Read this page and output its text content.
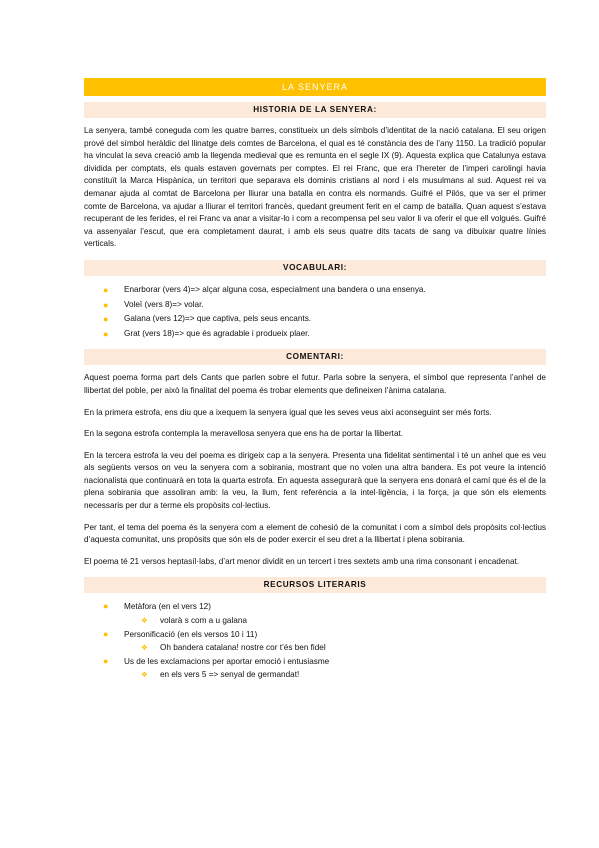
LA SENYERA
HISTORIA DE LA SENYERA:

La senyera, també coneguda com les quatre barres, constitueix un dels símbols d’identitat de la nació catalana. El seu origen prové del símbol heràldic del llinatge dels comtes de Barcelona, el qual es té constància des de l’any 1150. La tradició popular ha vinculat la seva creació amb la llegenda medieval que es remunta en el segle IX (9). Aquesta explica que Catalunya estava dividida per comptats, els quals estaven governats per comptes. El rei Franc, que era l’hereter de l’imperi carolingi havia constituït la Marca Hispànica, un territori que separava els dominis cristians al nord i els musulmans al sud. Aquest rei va demanar ajuda al comtat de Barcelona per lliurar una batalla en contra els normands. Guifré el Pilós, que va ser el primer comte de Barcelona, va ajudar a lliurar el territori francès, quedant greument ferit en el camp de batalla. Quan aquest s’estava recuperant de les ferides, el rei Franc va anar a visitar-lo i com a recompensa pel seu valor li va oferir el que ell volgués. Guifré va assenyalar l’escut, que era completament daurat, i amb els seus quatre dits tacats de sang va dibuixar quatre línies verticals.

VOCABULARI:
● Enarborar (vers 4)=> alçar alguna cosa, especialment una bandera o una ensenya.
● Voleï (vers 8)=> volar.
● Galana (vers 12)=> que captiva, pels seus encants.
● Grat (vers 18)=> que és agradable i produeix plaer.
COMENTARI:

Aquest poema forma part dels Cants que parlen sobre el futur. Parla sobre la senyera, el símbol que representa l’anhel de llibertat del poble, per això la finalitat del poema és trobar elements que defineixen l’ànima catalana.

En la primera estrofa, ens diu que a ixequem la senyera igual que les seves veus així aconseguint ser més forts.

En la segona estrofa contempla la meravellosa senyera que ens ha de portar la llibertat.

En la tercera estrofa la veu del poema es dirigeix cap a la senyera. Presenta una fidelitat sentimental i té un anhel que es veu als següents versos on veu la senyera com a sobirania, mostrant que no volen una altra bandera. Es pot veure la intenció nacionalista que continuarà en tota la quarta estrofa. En aquesta assegurarà que la senyera ens donarà el camí que és el de la plena sobirania que assoliran amb: la veu, la llum, fent referència a la intel·ligència, i la força, ja que són els elements necessaris per dur a terme els propòsits col·lectius.

Per tant, el tema del poema és la senyera com a element de cohesió de la comunitat i com a símbol dels propòsits col·lectius d’aquesta comunitat, uns propòsits que són els de poder exercir el seu dret a la llibertat i plena sobirania.

El poema té 21 versos heptasíl·labs, d’art menor dividit en un tercert i tres sextets amb una rima consonant i encadenat.

RECURSOS LITERARIS
● Metàfora (en el vers 12)
❖ volarà s com a u galana
● Personificació (en els versos 10 i 11)
❖ Oh bandera catalana! nostre cor t’és ben fidel
● Us de les exclamacions per aportar emoció i entusiasme
❖ en els vers 5 => senyal de germandat!
